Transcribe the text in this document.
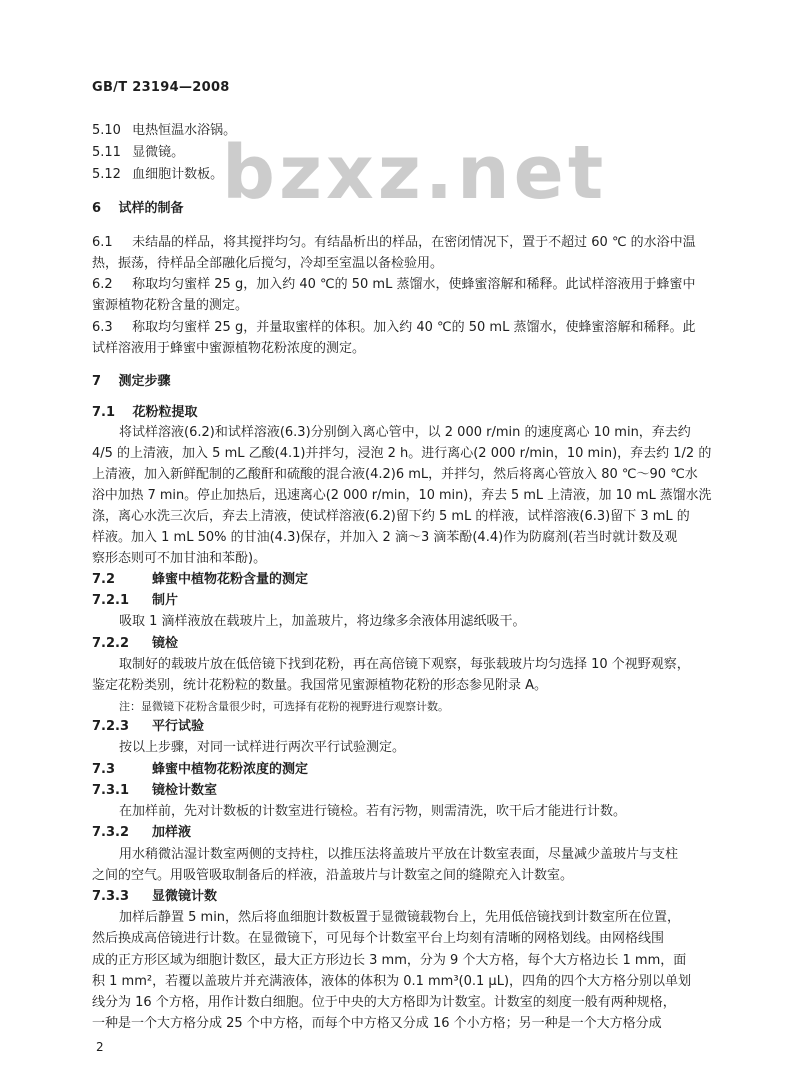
GB/T 23194—2008
bzxz.net
5.10 电热恒温水浴锅。
5.11 显微镜。
5.12 血细胞计数板。
6 试样的制备
6.1 未结晶的样品，将其搅拌均匀。有结晶析出的样品，在密闭情况下，置于不超过 60 ℃ 的水浴中温
热，振荡，待样品全部融化后搅匀，冷却至室温以备检验用。
6.2 称取均匀蜜样 25 g，加入约 40 ℃的 50 mL 蒸馏水，使蜂蜜溶解和稀释。此试样溶液用于蜂蜜中
蜜源植物花粉含量的测定。
6.3 称取均匀蜜样 25 g，并量取蜜样的体积。加入约 40 ℃的 50 mL 蒸馏水，使蜂蜜溶解和稀释。此
试样溶液用于蜂蜜中蜜源植物花粉浓度的测定。
7 测定步骤
7.1 花粉粒提取
将试样溶液(6.2)和试样溶液(6.3)分别倒入离心管中，以 2 000 r/min 的速度离心 10 min，弃去约
4/5 的上清液，加入 5 mL 乙酸(4.1)并拌匀，浸泡 2 h。进行离心(2 000 r/min，10 min)，弃去约 1/2 的
上清液，加入新鲜配制的乙酸酐和硫酸的混合液(4.2)6 mL，并拌匀，然后将离心管放入 80 ℃～90 ℃水
浴中加热 7 min。停止加热后，迅速离心(2 000 r/min，10 min)，弃去 5 mL 上清液，加 10 mL 蒸馏水洗
涤，离心水洗三次后，弃去上清液，使试样溶液(6.2)留下约 5 mL 的样液，试样溶液(6.3)留下 3 mL 的
样液。加入 1 mL 50% 的甘油(4.3)保存，并加入 2 滴～3 滴苯酚(4.4)作为防腐剂(若当时就计数及观
察形态则可不加甘油和苯酚)。
7.2	蜂蜜中植物花粉含量的测定
7.2.1 制片
吸取 1 滴样液放在载玻片上，加盖玻片，将边缘多余液体用滤纸吸干。
7.2.2 镜检
取制好的载玻片放在低倍镜下找到花粉，再在高倍镜下观察，每张载玻片均匀选择 10 个视野观察，
鉴定花粉类别，统计花粉粒的数量。我国常见蜜源植物花粉的形态参见附录 A。
注：显微镜下花粉含量很少时，可选择有花粉的视野进行观察计数。
7.2.3 平行试验
按以上步骤，对同一试样进行两次平行试验测定。
7.3	蜂蜜中植物花粉浓度的测定
7.3.1 镜检计数室
在加样前，先对计数板的计数室进行镜检。若有污物，则需清洗，吹干后才能进行计数。
7.3.2 加样液
用水稍微沾湿计数室两侧的支持柱，以推压法将盖玻片平放在计数室表面，尽量减少盖玻片与支柱
之间的空气。用吸管吸取制备后的样液，沿盖玻片与计数室之间的缝隙充入计数室。
7.3.3 显微镜计数
加样后静置 5 min，然后将血细胞计数板置于显微镜载物台上，先用低倍镜找到计数室所在位置，
然后换成高倍镜进行计数。在显微镜下，可见每个计数室平台上均刻有清晰的网格划线。由网格线围
成的正方形区域为细胞计数区，最大正方形边长 3 mm，分为 9 个大方格，每个大方格边长 1 mm，面
积 1 mm²，若覆以盖玻片并充满液体，液体的体积为 0.1 mm³(0.1 μL)，四角的四个大方格分别以单划
线分为 16 个方格，用作计数白细胞。位于中央的大方格即为计数室。计数室的刻度一般有两种规格，
一种是一个大方格分成 25 个中方格，而每个中方格又分成 16 个小方格；另一种是一个大方格分成
2
